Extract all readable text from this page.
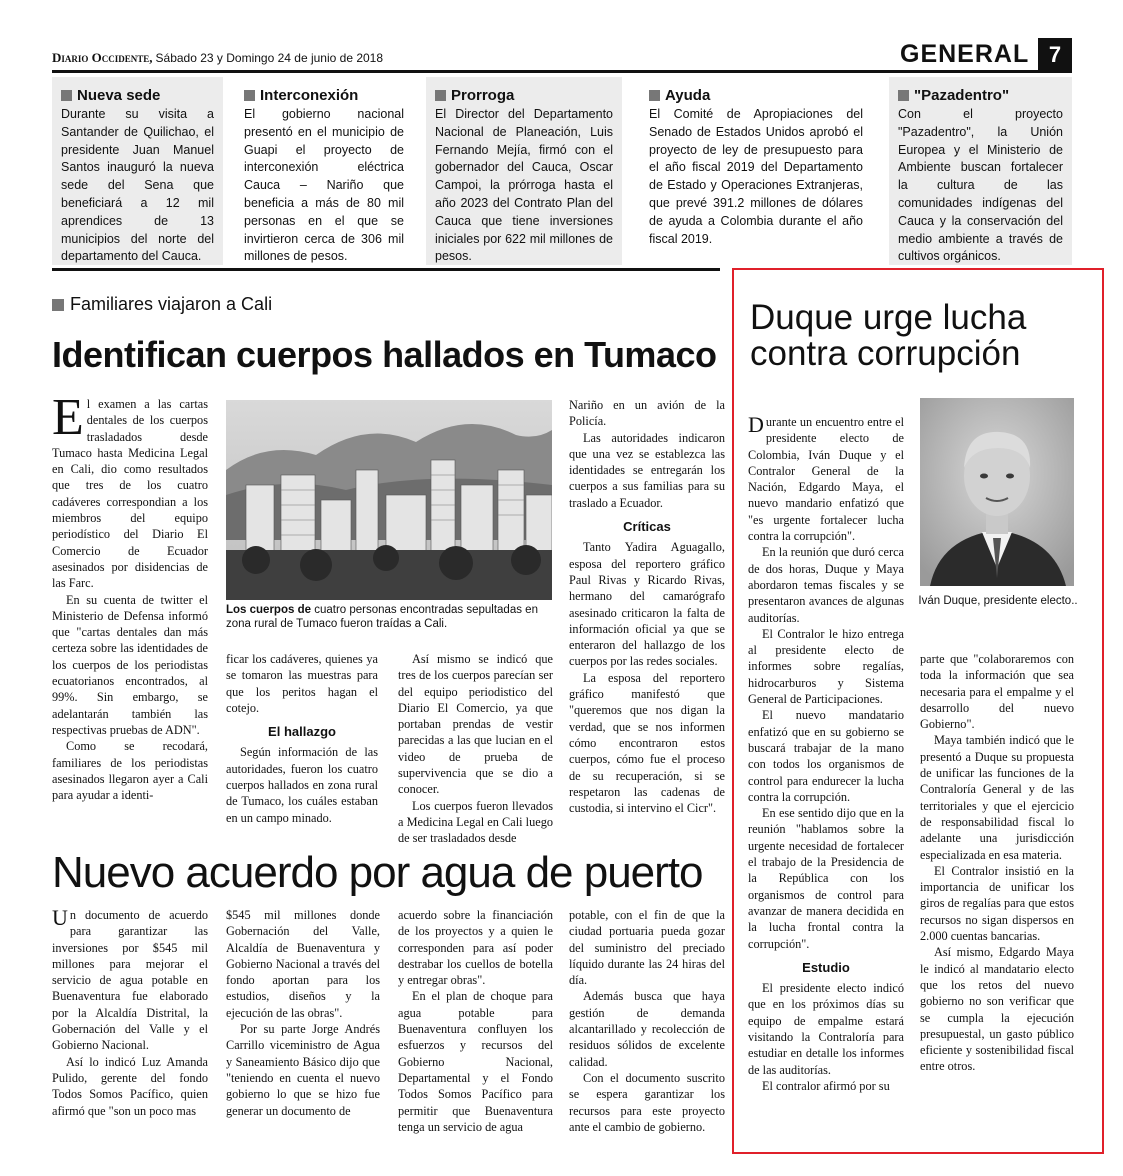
Diario Occidente, Sábado 23 y Domingo 24 de junio de 2018	GENERAL 7
Nueva sede
Durante su visita a Santander de Quilichao, el presidente Juan Manuel Santos inauguró la nueva sede del Sena que beneficiará a 12 mil aprendices de 13 municipios del norte del departamento del Cauca.
Interconexión
El gobierno nacional presentó en el municipio de Guapi el proyecto de interconexión eléctrica Cauca – Nariño que beneficia a más de 80 mil personas en el que se invirtieron cerca de 306 mil millones de pesos.
Prorroga
El Director del Departamento Nacional de Planeación, Luis Fernando Mejía, firmó con el gobernador del Cauca, Oscar Campoi, la prórroga hasta el año 2023 del Contrato Plan del Cauca que tiene inversiones iniciales por 622 mil millones de pesos.
Ayuda
El Comité de Apropiaciones del Senado de Estados Unidos aprobó el proyecto de ley de presupuesto para el año fiscal 2019 del Departamento de Estado y Operaciones Extranjeras, que prevé 391.2 millones de dólares de ayuda a Colombia durante el año fiscal 2019.
"Pazadentro"
Con el proyecto "Pazadentro", la Unión Europea y el Ministerio de Ambiente buscan fortalecer la cultura de las comunidades indígenas del Cauca y la conservación del medio ambiente a través de cultivos orgánicos.
Familiares viajaron a Cali
Identifican cuerpos hallados en Tumaco

El examen a las cartas dentales de los cuerpos trasladados desde Tumaco hasta Medicina Legal en Cali, dio como resultados que tres de los cuatro cadáveres correspondian a los miembros del equipo periodístico del Diario El Comercio de Ecuador asesinados por disidencias de las Farc.

En su cuenta de twitter el Ministerio de Defensa informó que "cartas dentales dan más certeza sobre las identidades de los cuerpos de los periodistas ecuatorianos encontrados, al 99%. Sin embargo, se adelantarán también las respectivas pruebas de ADN".

Como se recodará, familiares de los periodistas asesinados llegaron ayer a Cali para ayudar a identi-

Los cuerpos de cuatro personas encontradas sepultadas en zona rural de Tumaco fueron traídas a Cali.

ficar los cadáveres, quienes ya se tomaron las muestras para que los peritos hagan el cotejo.

El hallazgo

Según información de las autoridades, fueron los cuatro cuerpos hallados en zona rural de Tumaco, los cuáles estaban en un campo minado.

Así mismo se indicó que tres de los cuerpos parecían ser del equipo periodistico del Diario El Comercio, ya que portaban prendas de vestir parecidas a las que lucian en el video de prueba de supervivencia que se dio a conocer.

Los cuerpos fueron llevados a Medicina Legal en Cali luego de ser trasladados desde

Nariño en un avión de la Policía.

Las autoridades indicaron que una vez se establezca las identidades se entregarán los cuerpos a sus familias para su traslado a Ecuador.

Críticas

Tanto Yadira Aguagallo, esposa del reportero gráfico Paul Rivas y Ricardo Rivas, hermano del camarógrafo asesinado criticaron la falta de información oficial ya que se enteraron del hallazgo de los cuerpos por las redes sociales.

La esposa del reportero gráfico manifestó que "queremos que nos digan la verdad, que se nos informen cómo encontraron estos cuerpos, cómo fue el proceso de su recuperación, si se respetaron las cadenas de custodia, si intervino el Cicr".

Nuevo acuerdo por agua de puerto

Un documento de acuerdo para garantizar las inversiones por $545 mil millones para mejorar el servicio de agua potable en Buenaventura fue elaborado por la Alcaldía Distrital, la Gobernación del Valle y el Gobierno Nacional.

Así lo indicó Luz Amanda Pulido, gerente del fondo Todos Somos Pacífico, quien afirmó que "son un poco mas

$545 mil millones donde Gobernación del Valle, Alcaldía de Buenaventura y Gobierno Nacional a través del fondo aportan para los estudios, diseños y la ejecución de las obras".

Por su parte Jorge Andrés Carrillo viceministro de Agua y Saneamiento Básico dijo que "teniendo en cuenta el nuevo gobierno lo que se hizo fue generar un documento de

acuerdo sobre la financiación de los proyectos y a quien le corresponden para así poder destrabar los cuellos de botella y entregar obras".

En el plan de choque para agua potable para Buenaventura confluyen los esfuerzos y recursos del Gobierno Nacional, Departamental y el Fondo Todos Somos Pacífico para permitir que Buenaventura tenga un servicio de agua

potable, con el fin de que la ciudad portuaria pueda gozar del suministro del preciado líquido durante las 24 hiras del día.

Además busca que haya gestión de demanda alcantarillado y recolección de residuos sólidos de excelente calidad.

Con el documento suscrito se espera garantizar los recursos para este proyecto ante el cambio de gobierno.

Duque urge lucha contra corrupción

Durante un encuentro entre el presidente electo de Colombia, Iván Duque y el Contralor General de la Nación, Edgardo Maya, el nuevo mandario enfatizó que "es urgente fortalecer lucha contra la corrupción".

En la reunión que duró cerca de dos horas, Duque y Maya abordaron temas fiscales y se presentaron avances de algunas auditorías.

El Contralor le hizo entrega al presidente electo de informes sobre regalías, hidrocarburos y Sistema General de Participaciones.

El nuevo mandatario enfatizó que en su gobierno se buscará trabajar de la mano con todos los organismos de control para endurecer la lucha contra la corrupción.

En ese sentido dijo que en la reunión "hablamos sobre la urgente necesidad de fortalecer el trabajo de la Presidencia de la República con los organismos de control para avanzar de manera decidida en la lucha frontal contra la corrupción".

Estudio

El presidente electo indicó que en los próximos días su equipo de empalme estará visitando la Contraloría para estudiar en detalle los informes de las auditorías.

El contralor afirmó por su

Iván Duque, presidente electo..

parte que "colaboraremos con toda la información que sea necesaria para el empalme y el desarrollo del nuevo Gobierno".

Maya también indicó que le presentó a Duque su propuesta de unificar las funciones de la Contraloría General y de las territoriales y que el ejercicio de responsabilidad fiscal lo adelante una jurisdicción especializada en esa materia.

El Contralor insistió en la importancia de unificar los giros de regalías para que estos recursos no sigan dispersos en 2.000 cuentas bancarias.

Así mismo, Edgardo Maya le indicó al mandatario electo que los retos del nuevo gobierno no son verificar que se cumpla la ejecución presupuestal, un gasto público eficiente y sostenibilidad fiscal entre otros.
